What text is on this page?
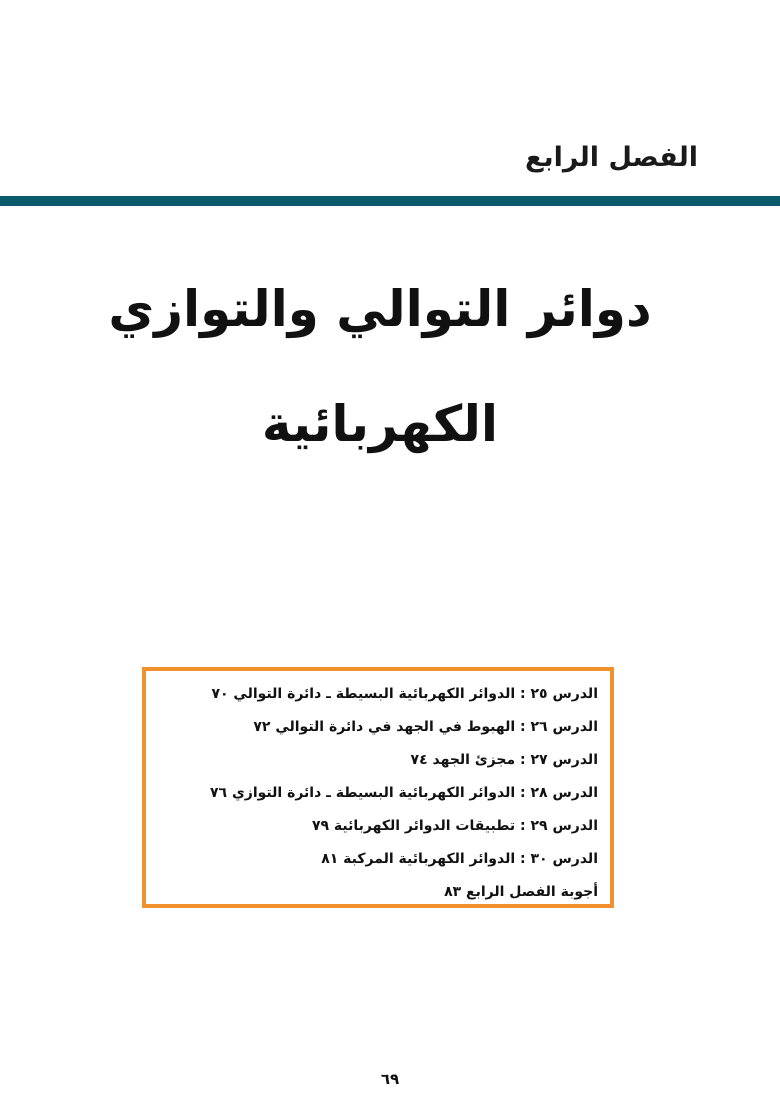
الفصل الرابع
دوائر التوالي والتوازي
الكهربائية
الدرس ٢٥ : الدوائر الكهربائية البسيطة ـ دائرة التوالي ٧٠
الدرس ٢٦ : الهبوط في الجهد في دائرة التوالي ٧٢
الدرس ٢٧ : مجزئ الجهد ٧٤
الدرس ٢٨ : الدوائر الكهربائية البسيطة ـ دائرة التوازي ٧٦
الدرس ٢٩ : تطبيقات الدوائر الكهربائية ٧٩
الدرس ٣٠ : الدوائر الكهربائية المركبة ٨١
أجوبة الفصل الرابع ٨٣
٦٩
